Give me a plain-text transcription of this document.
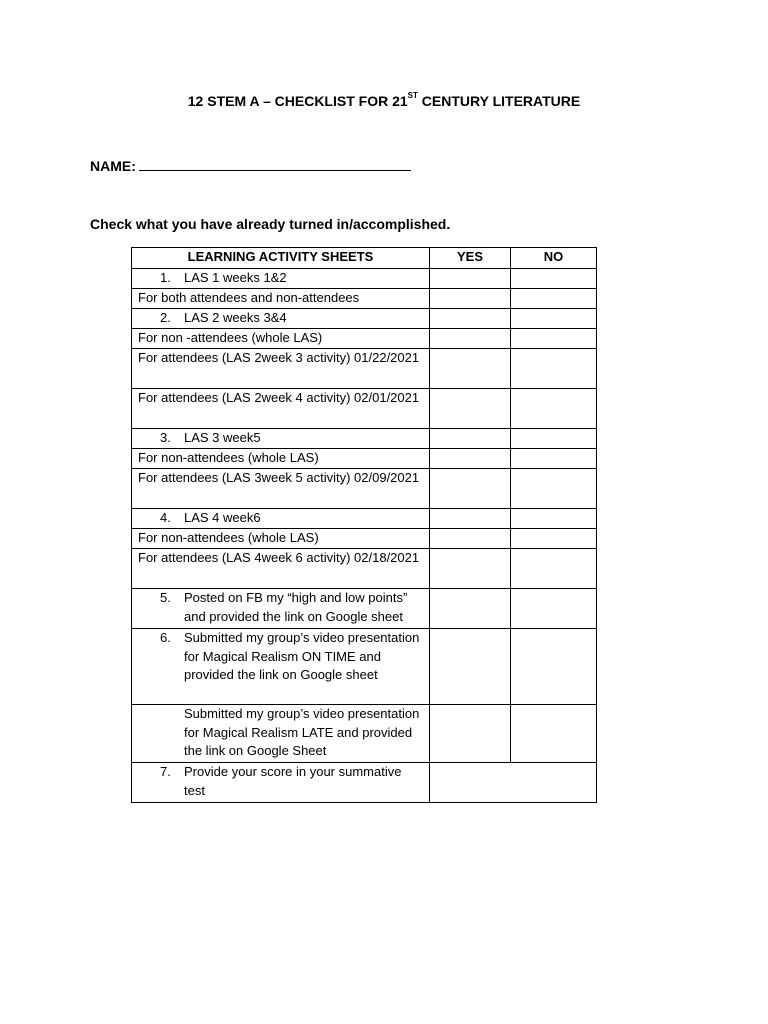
12 STEM A – CHECKLIST FOR 21ST CENTURY LITERATURE
NAME:
Check what you have already turned in/accomplished.
LEARNING ACTIVITY SHEETS	YES	NO

1. LAS 1 weeks 1&2		
For both attendees and non-attendees		

2. LAS 2 weeks 3&4		
For non -attendees (whole LAS)		
For attendees (LAS 2week 3 activity) 01/22/2021		
For attendees (LAS 2week 4 activity) 02/01/2021		

3. LAS 3 week5		
For non-attendees (whole LAS)		
For attendees (LAS 3week 5 activity) 02/09/2021		

4. LAS 4 week6		
For non-attendees (whole LAS)		
For attendees (LAS 4week 6 activity) 02/18/2021		

5. Posted on FB my “high and low points” and provided the link on Google sheet		

6. Submitted my group’s video presentation for Magical Realism ON TIME and provided the link on Google sheet		
Submitted my group’s video presentation for Magical Realism LATE and provided the link on Google Sheet		

7. Provide your score in your summative test		
